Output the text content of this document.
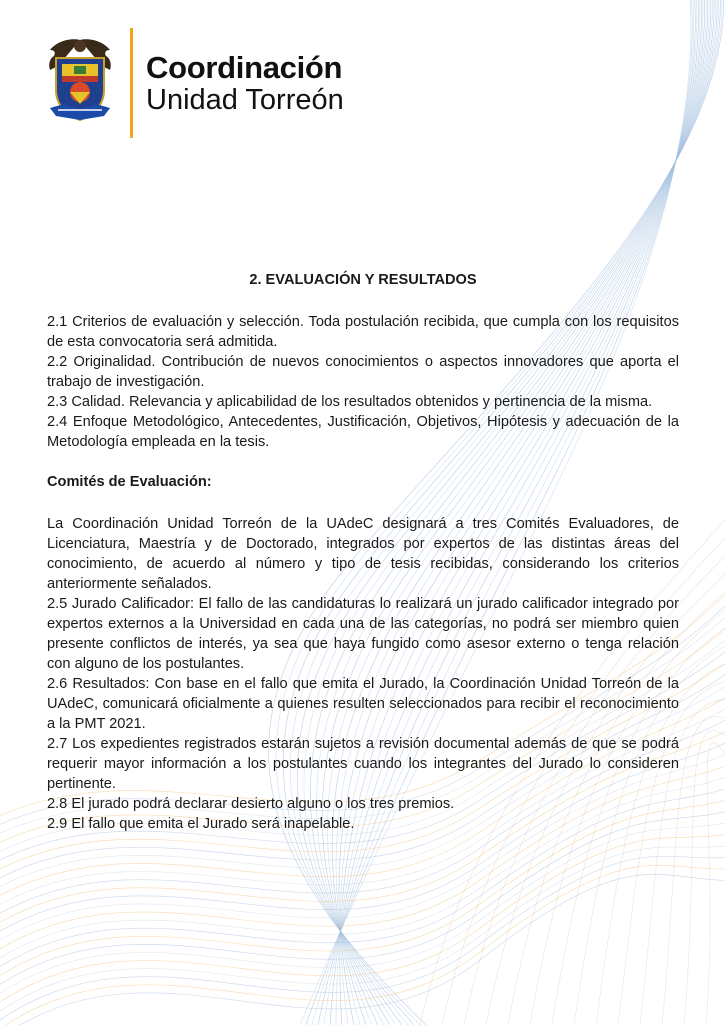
Coordinación
Unidad Torreón

2. EVALUACIÓN Y RESULTADOS

2.1 Criterios de evaluación y selección. Toda postulación recibida, que cumpla con los requisitos de esta convocatoria será admitida.

2.2 Originalidad. Contribución de nuevos conocimientos o aspectos innovadores que aporta el trabajo de investigación.

2.3 Calidad. Relevancia y aplicabilidad de los resultados obtenidos y pertinencia de la misma.

2.4 Enfoque Metodológico, Antecedentes, Justificación, Objetivos, Hipótesis y adecuación de la Metodología empleada en la tesis.

Comités de Evaluación:

La Coordinación Unidad Torreón de la UAdeC designará a tres Comités Evaluadores, de Licenciatura, Maestría y de Doctorado, integrados por expertos de las distintas áreas del conocimiento, de acuerdo al número y tipo de tesis recibidas, considerando los criterios anteriormente señalados.

2.5 Jurado Calificador: El fallo de las candidaturas lo realizará un jurado calificador integrado por expertos externos a la Universidad en cada una de las categorías, no podrá ser miembro quien presente conflictos de interés, ya sea que haya fungido como asesor externo o tenga relación con alguno de los postulantes.

2.6 Resultados: Con base en el fallo que emita el Jurado, la Coordinación Unidad Torreón de la UAdeC, comunicará oficialmente a quienes resulten seleccionados para recibir el reconocimiento a la PMT 2021.

2.7 Los expedientes registrados estarán sujetos a revisión documental además de que se podrá requerir mayor información a los postulantes cuando los integrantes del Jurado lo consideren pertinente.

2.8 El jurado podrá declarar desierto alguno o los tres premios.

2.9 El fallo que emita el Jurado será inapelable.
